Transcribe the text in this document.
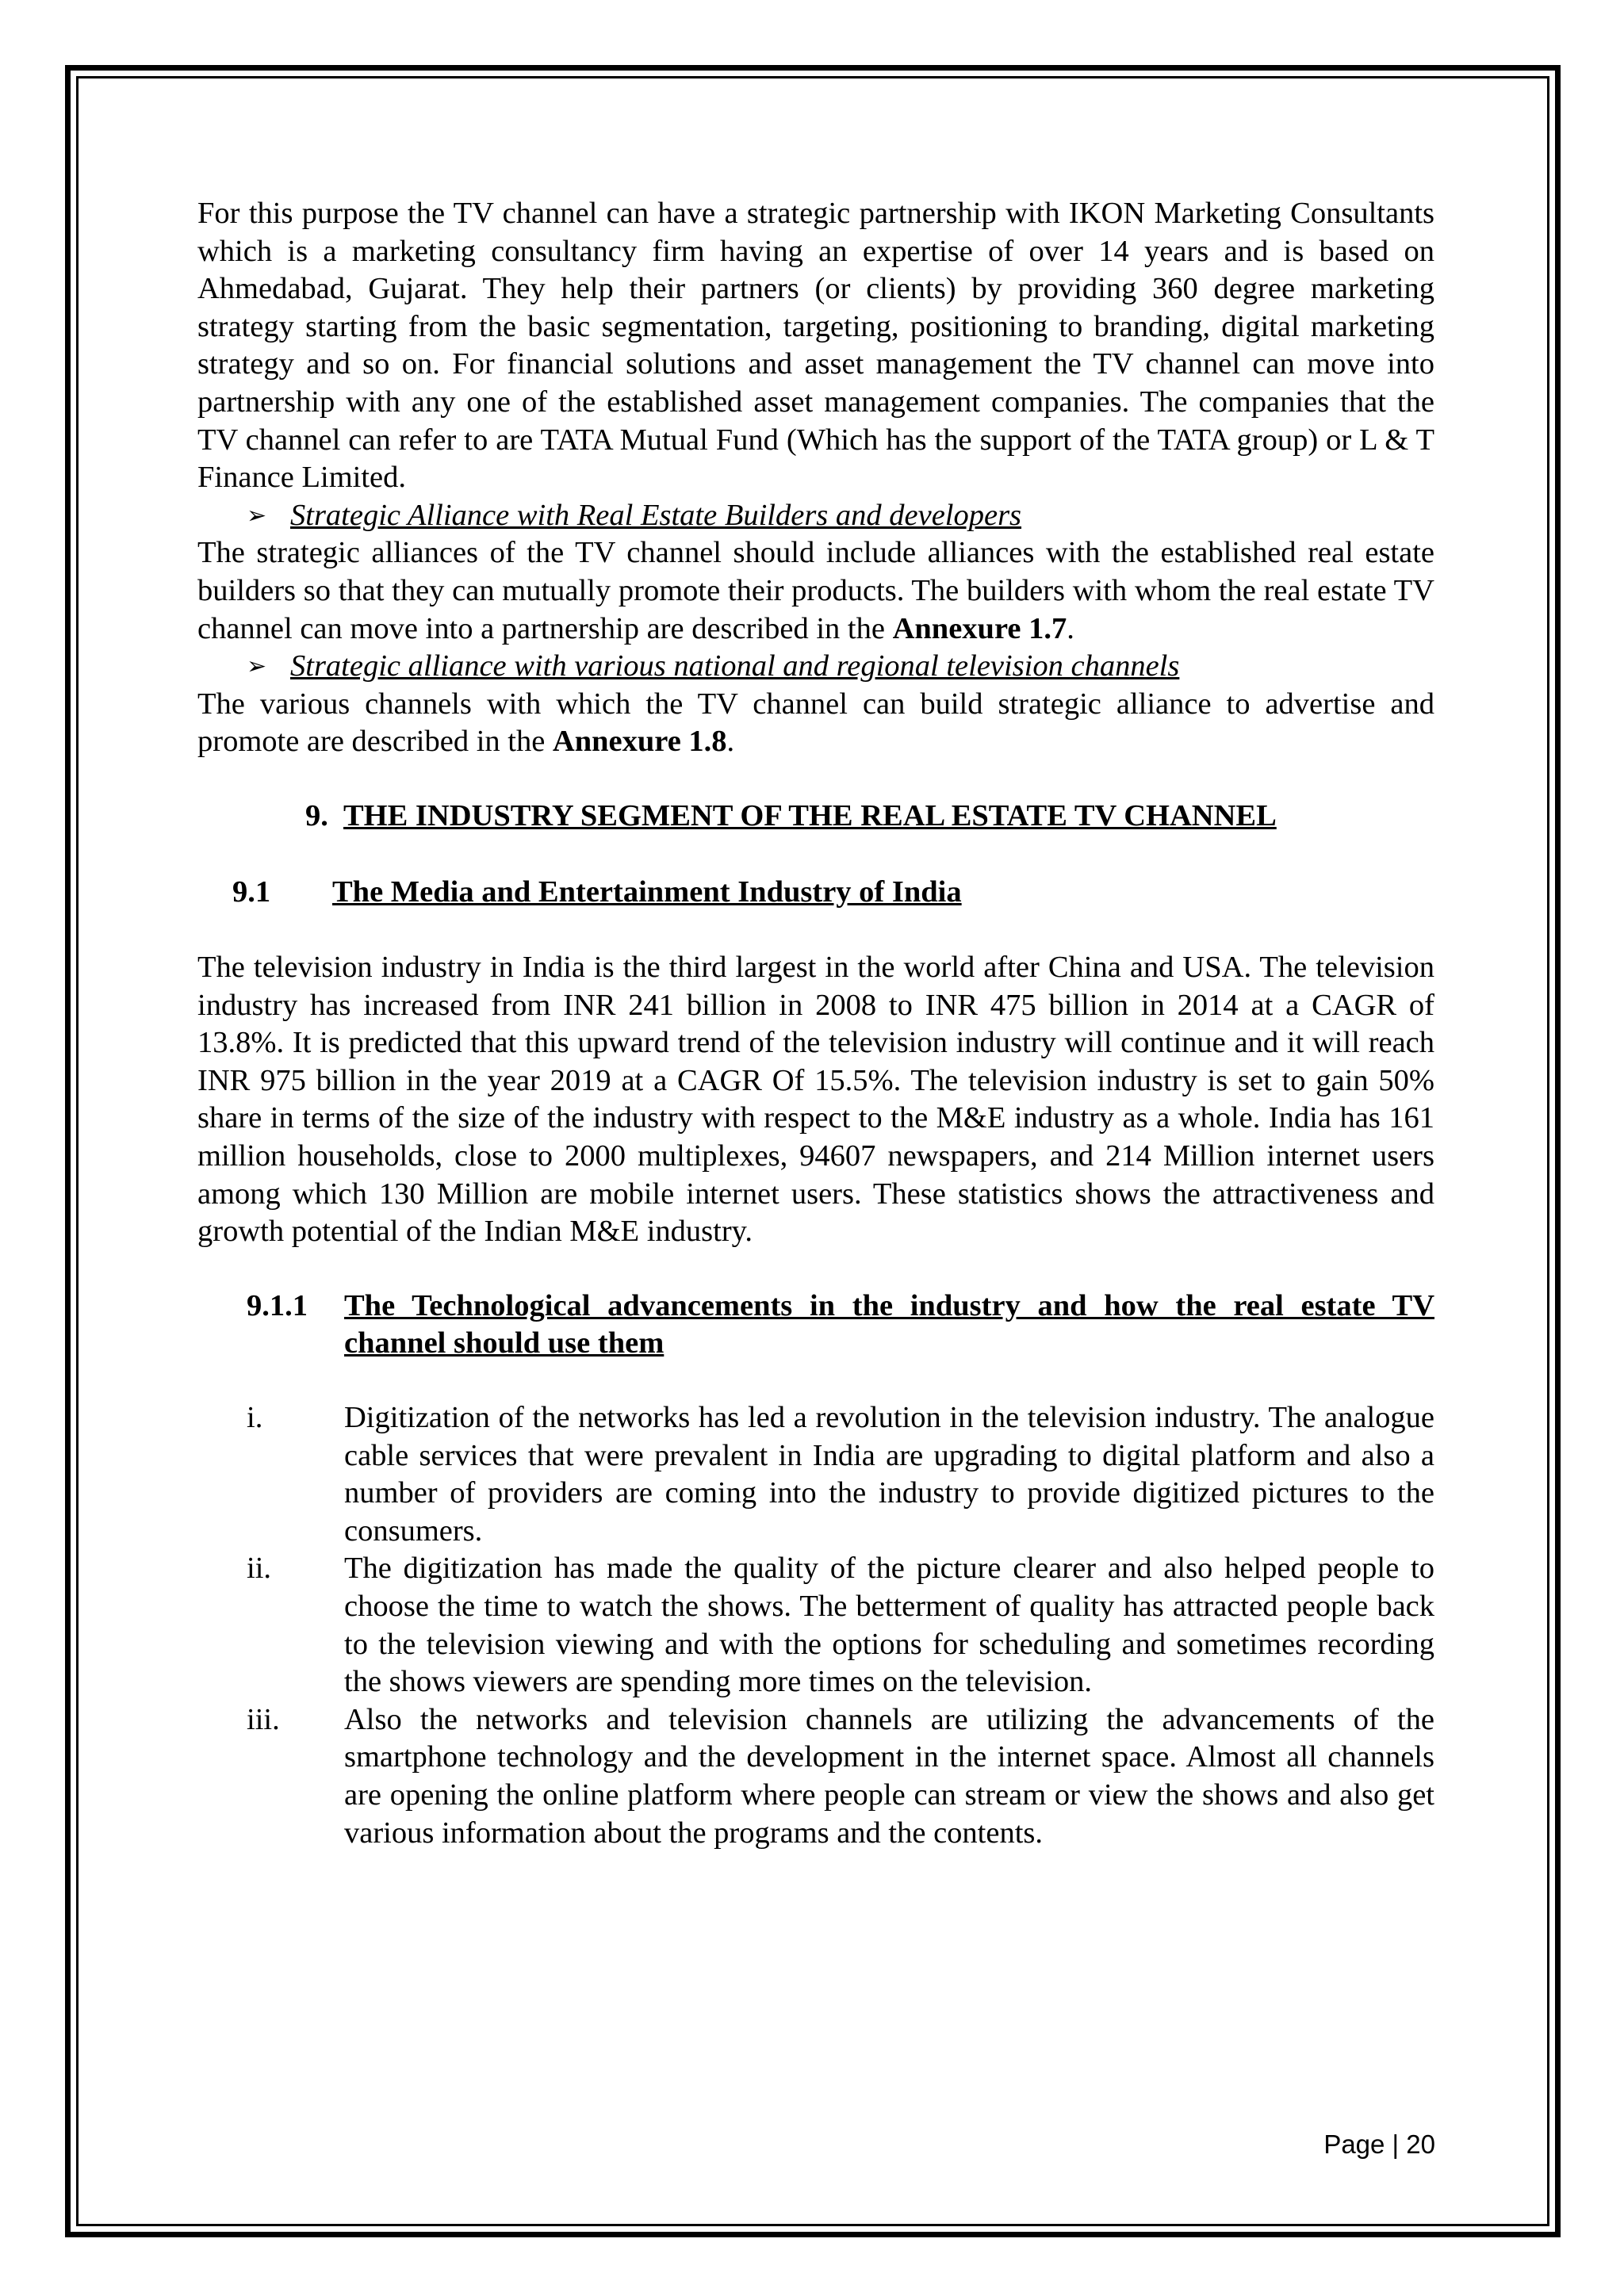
For this purpose the TV channel can have a strategic partnership with IKON Marketing Consultants which is a marketing consultancy firm having an expertise of over 14 years and is based on Ahmedabad, Gujarat. They help their partners (or clients) by providing 360 degree marketing strategy starting from the basic segmentation, targeting, positioning to branding, digital marketing strategy and so on. For financial solutions and asset management the TV channel can move into partnership with any one of the established asset management companies. The companies that the TV channel can refer to are TATA Mutual Fund (Which has the support of the TATA group) or L & T Finance Limited.

➢ Strategic Alliance with Real Estate Builders and developers

The strategic alliances of the TV channel should include alliances with the established real estate builders so that they can mutually promote their products. The builders with whom the real estate TV channel can move into a partnership are described in the Annexure 1.7.

➢ Strategic alliance with various national and regional television channels

The various channels with which the TV channel can build strategic alliance to advertise and promote are described in the Annexure 1.8.

9. THE INDUSTRY SEGMENT OF THE REAL ESTATE TV CHANNEL
9.1 The Media and Entertainment Industry of India

The television industry in India is the third largest in the world after China and USA. The television industry has increased from INR 241 billion in 2008 to INR 475 billion in 2014 at a CAGR of 13.8%. It is predicted that this upward trend of the television industry will continue and it will reach INR 975 billion in the year 2019 at a CAGR Of 15.5%. The television industry is set to gain 50% share in terms of the size of the industry with respect to the M&E industry as a whole. India has 161 million households, close to 2000 multiplexes, 94607 newspapers, and 214 Million internet users among which 130 Million are mobile internet users. These statistics shows the attractiveness and growth potential of the Indian M&E industry.

9.1.1 The Technological advancements in the industry and how the real estate TV channel should use them
i.	Digitization of the networks has led a revolution in the television industry. The analogue cable services that were prevalent in India are upgrading to digital platform and also a number of providers are coming into the industry to provide digitized pictures to the consumers.
ii. The digitization has made the quality of the picture clearer and also helped people to choose the time to watch the shows. The betterment of quality has attracted people back to the television viewing and with the options for scheduling and sometimes recording the shows viewers are spending more times on the television.
iii. Also the networks and television channels are utilizing the advancements of the smartphone technology and the development in the internet space. Almost all channels are opening the online platform where people can stream or view the shows and also get various information about the programs and the contents.
Page | 20
